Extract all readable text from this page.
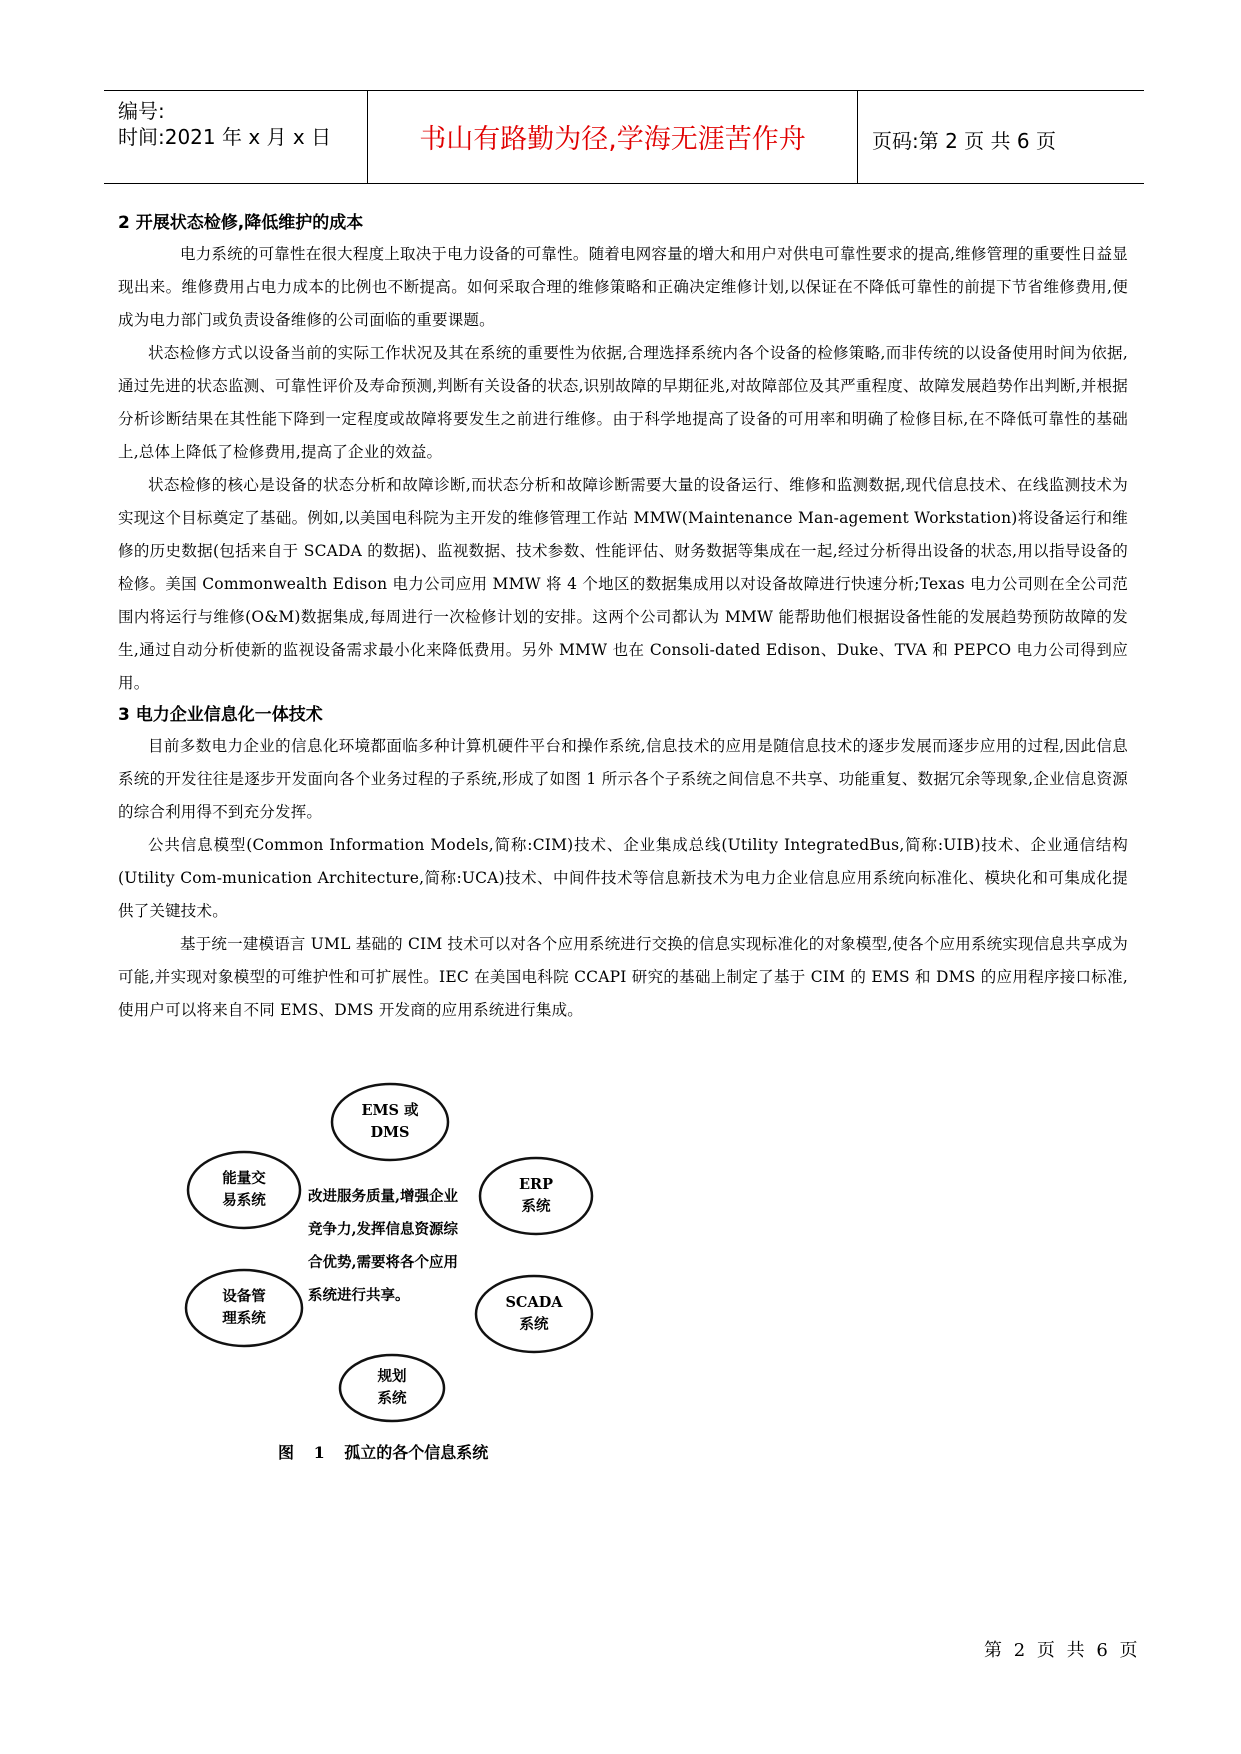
编号:
时间:2021 年 x 月 x 日	书山有路勤为径,学海无涯苦作舟	页码:第 2 页 共 6 页

2 开展状态检修,降低维护的成本

电力系统的可靠性在很大程度上取决于电力设备的可靠性。随着电网容量的增大和用户对供电可靠性要求的提高,维修管理的重要性日益显现出来。维修费用占电力成本的比例也不断提高。如何采取合理的维修策略和正确决定维修计划,以保证在不降低可靠性的前提下节省维修费用,便成为电力部门或负责设备维修的公司面临的重要课题。

状态检修方式以设备当前的实际工作状况及其在系统的重要性为依据,合理选择系统内各个设备的检修策略,而非传统的以设备使用时间为依据,通过先进的状态监测、可靠性评价及寿命预测,判断有关设备的状态,识别故障的早期征兆,对故障部位及其严重程度、故障发展趋势作出判断,并根据分析诊断结果在其性能下降到一定程度或故障将要发生之前进行维修。由于科学地提高了设备的可用率和明确了检修目标,在不降低可靠性的基础上,总体上降低了检修费用,提高了企业的效益。

状态检修的核心是设备的状态分析和故障诊断,而状态分析和故障诊断需要大量的设备运行、维修和监测数据,现代信息技术、在线监测技术为实现这个目标奠定了基础。例如,以美国电科院为主开发的维修管理工作站 MMW(Maintenance Man-agement Workstation)将设备运行和维修的历史数据(包括来自于 SCADA 的数据)、监视数据、技术参数、性能评估、财务数据等集成在一起,经过分析得出设备的状态,用以指导设备的检修。美国 Commonwealth Edison 电力公司应用 MMW 将 4 个地区的数据集成用以对设备故障进行快速分析;Texas 电力公司则在全公司范围内将运行与维修(O&M)数据集成,每周进行一次检修计划的安排。这两个公司都认为 MMW 能帮助他们根据设备性能的发展趋势预防故障的发生,通过自动分析使新的监视设备需求最小化来降低费用。另外 MMW 也在 Consoli-dated Edison、Duke、TVA 和 PEPCO 电力公司得到应用。

3 电力企业信息化一体技术

目前多数电力企业的信息化环境都面临多种计算机硬件平台和操作系统,信息技术的应用是随信息技术的逐步发展而逐步应用的过程,因此信息系统的开发往往是逐步开发面向各个业务过程的子系统,形成了如图 1 所示各个子系统之间信息不共享、功能重复、数据冗余等现象,企业信息资源的综合利用得不到充分发挥。

公共信息模型(Common Information Models,简称:CIM)技术、企业集成总线(Utility IntegratedBus,简称:UIB)技术、企业通信结构(Utility Com-munication Architecture,简称:UCA)技术、中间件技术等信息新技术为电力企业信息应用系统向标准化、模块化和可集成化提供了关键技术。

基于统一建模语言 UML 基础的 CIM 技术可以对各个应用系统进行交换的信息实现标准化的对象模型,使各个应用系统实现信息共享成为可能,并实现对象模型的可维护性和可扩展性。IEC 在美国电科院 CCAPI 研究的基础上制定了基于 CIM 的 EMS 和 DMS 的应用程序接口标准,使用户可以将来自不同 EMS、DMS 开发商的应用系统进行集成。

EMS 或
DMS
ERP
系统
能量交
易系统
SCADA
系统
设备管
理系统
规划
系统
改进服务质量,增强企业竞争力,发挥信息资源综合优势,需要将各个应用系统进行共享。
图 1 孤立的各个信息系统
第 2 页 共 6 页
